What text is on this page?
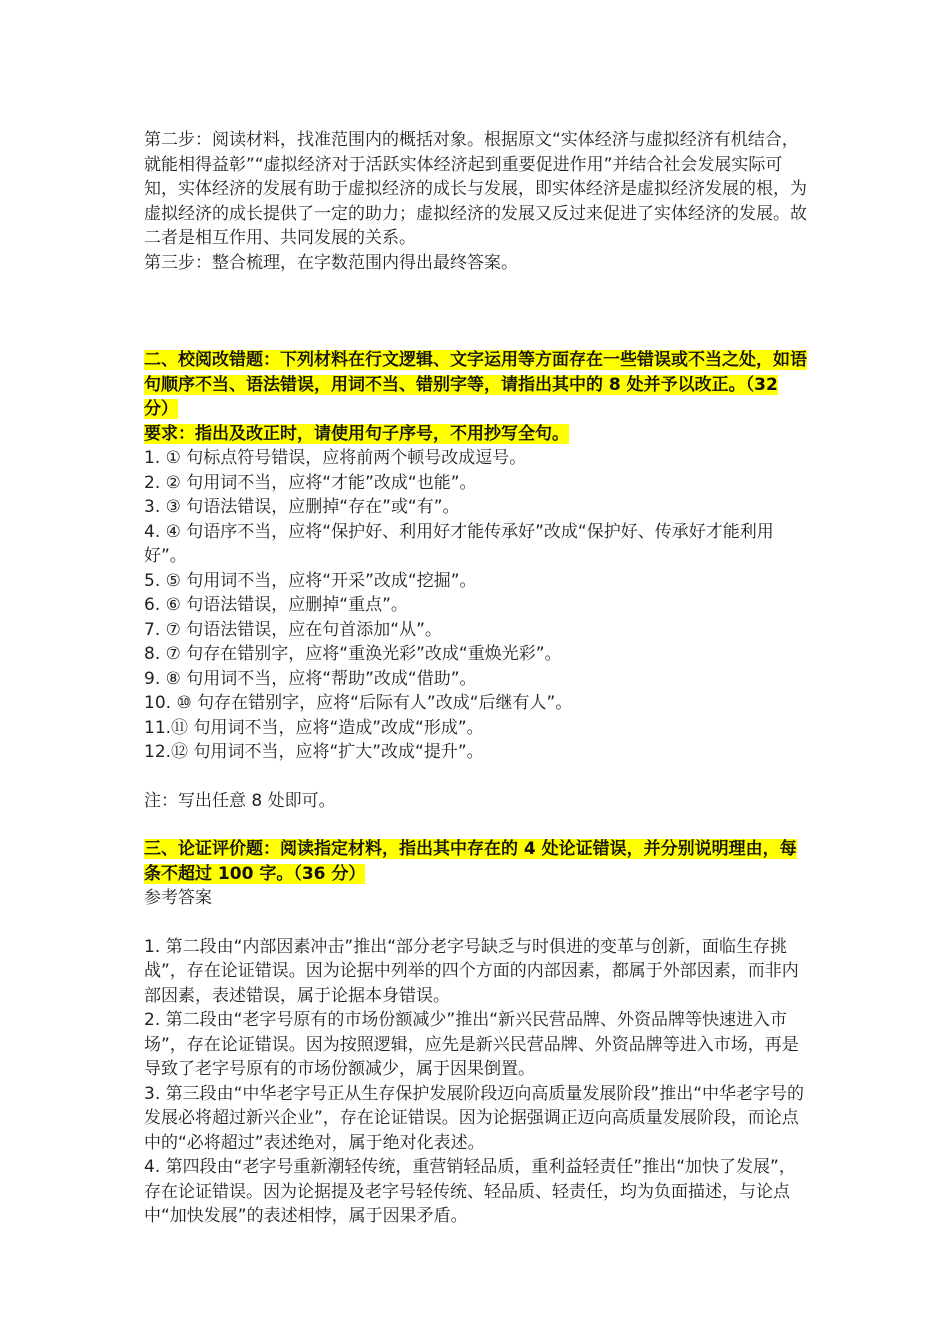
第二步：阅读材料，找准范围内的概括对象。根据原文“实体经济与虚拟经济有机结合，就能相得益彰”“虚拟经济对于活跃实体经济起到重要促进作用”并结合社会发展实际可知，实体经济的发展有助于虚拟经济的成长与发展，即实体经济是虚拟经济发展的根，为虚拟经济的成长提供了一定的助力；虚拟经济的发展又反过来促进了实体经济的发展。故二者是相互作用、共同发展的关系。

第三步：整合梳理，在字数范围内得出最终答案。

二、校阅改错题：下列材料在行文逻辑、文字运用等方面存在一些错误或不当之处，如语句顺序不当、语法错误，用词不当、错别字等，请指出其中的 8 处并予以改正。（32 分）

要求：指出及改正时，请使用句子序号，不用抄写全句。

1. ① 句标点符号错误，应将前两个顿号改成逗号。

2. ② 句用词不当，应将“才能”改成“也能”。

3. ③ 句语法错误，应删掉“存在”或“有”。

4. ④ 句语序不当，应将“保护好、利用好才能传承好”改成“保护好、传承好才能利用好”。

5. ⑤ 句用词不当，应将“开采”改成“挖掘”。

6. ⑥ 句语法错误，应删掉“重点”。

7. ⑦ 句语法错误，应在句首添加“从”。

8. ⑦ 句存在错别字，应将“重涣光彩”改成“重焕光彩”。

9. ⑧ 句用词不当，应将“帮助”改成“借助”。

10. ⑩ 句存在错别字，应将“后际有人”改成“后继有人”。

11.⑪ 句用词不当，应将“造成”改成“形成”。

12.⑫ 句用词不当，应将“扩大”改成“提升”。

注：写出任意 8 处即可。

三、论证评价题：阅读指定材料，指出其中存在的 4 处论证错误，并分别说明理由，每条不超过 100 字。（36 分）

参考答案

1. 第二段由“内部因素冲击”推出“部分老字号缺乏与时俱进的变革与创新，面临生存挑战”，存在论证错误。因为论据中列举的四个方面的内部因素，都属于外部因素，而非内部因素，表述错误，属于论据本身错误。

2. 第二段由“老字号原有的市场份额减少”推出“新兴民营品牌、外资品牌等快速进入市场”，存在论证错误。因为按照逻辑，应先是新兴民营品牌、外资品牌等进入市场，再是导致了老字号原有的市场份额减少，属于因果倒置。

3. 第三段由“中华老字号正从生存保护发展阶段迈向高质量发展阶段”推出“中华老字号的发展必将超过新兴企业”，存在论证错误。因为论据强调正迈向高质量发展阶段，而论点中的“必将超过”表述绝对，属于绝对化表述。

4. 第四段由“老字号重新潮轻传统，重营销轻品质，重利益轻责任”推出“加快了发展”，存在论证错误。因为论据提及老字号轻传统、轻品质、轻责任，均为负面描述，与论点中“加快发展”的表述相悖，属于因果矛盾。
